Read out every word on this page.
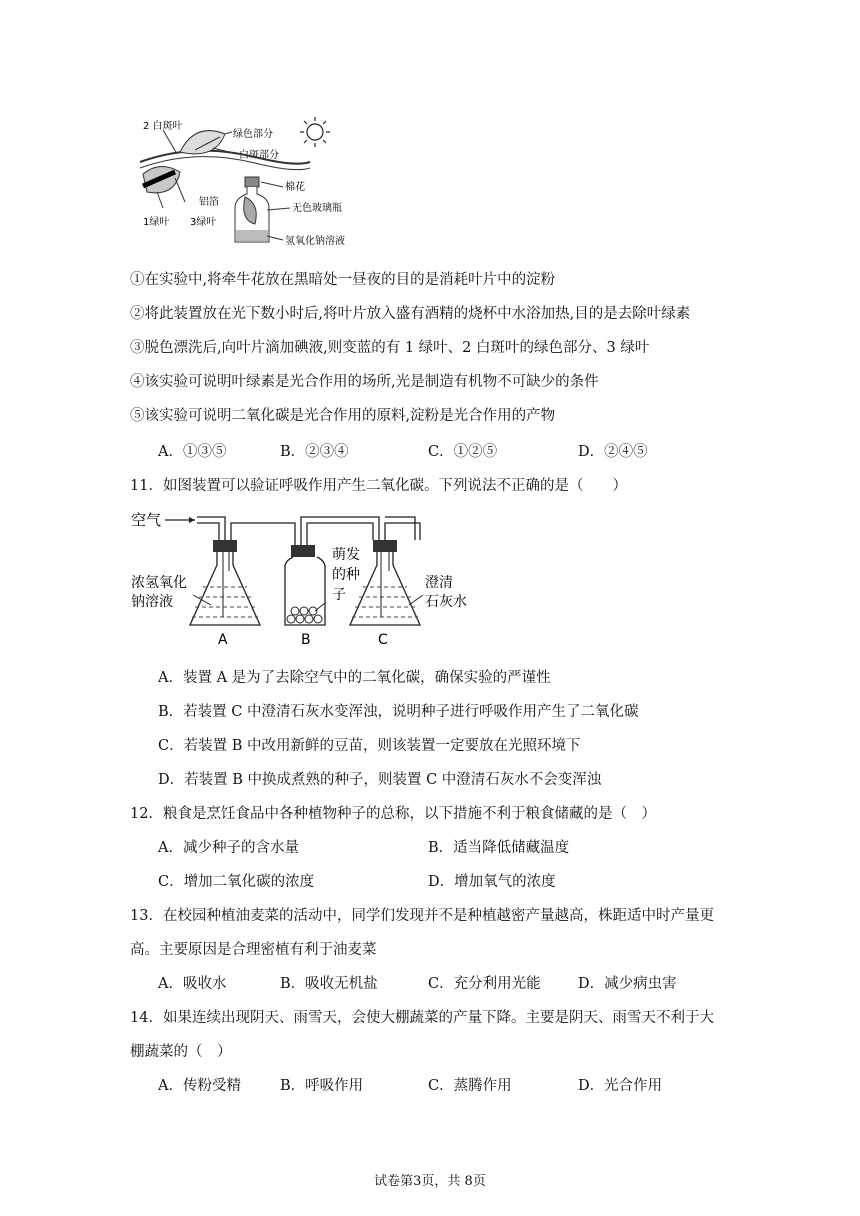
2 白斑叶
绿色部分
白斑部分
铝箔
1绿叶 3绿叶
棉花
无色玻璃瓶
氢氧化钠溶液
①在实验中,将牵牛花放在黑暗处一昼夜的目的是消耗叶片中的淀粉
②将此装置放在光下数小时后,将叶片放入盛有酒精的烧杯中水浴加热,目的是去除叶绿素
③脱色漂洗后,向叶片滴加碘液,则变蓝的有 1 绿叶、2 白斑叶的绿色部分、3 绿叶
④该实验可说明叶绿素是光合作用的场所,光是制造有机物不可缺少的条件
⑤该实验可说明二氧化碳是光合作用的原料,淀粉是光合作用的产物
A．①③⑤	B．②③④	C．①②⑤	D．②④⑤
11．如图装置可以验证呼吸作用产生二氧化碳。下列说法不正确的是（　　）
空气
浓氢氧化
钠溶液
A
萌发
的种
子
B
澄清
石灰水
C
A．装置 A 是为了去除空气中的二氧化碳，确保实验的严谨性
B．若装置 C 中澄清石灰水变浑浊，说明种子进行呼吸作用产生了二氧化碳
C．若装置 B 中改用新鲜的豆苗，则该装置一定要放在光照环境下
D．若装置 B 中换成煮熟的种子，则装置 C 中澄清石灰水不会变浑浊
12．粮食是烹饪食品中各种植物种子的总称，以下措施不利于粮食储藏的是（　）
A．减少种子的含水量	B．适当降低储藏温度
C．增加二氧化碳的浓度	D．增加氧气的浓度
13．在校园种植油麦菜的活动中，同学们发现并不是种植越密产量越高，株距适中时产量更
高。主要原因是合理密植有利于油麦菜
A．吸收水	B．吸收无机盐	C．充分利用光能	D．减少病虫害
14．如果连续出现阴天、雨雪天，会使大棚蔬菜的产量下降。主要是阴天、雨雪天不利于大
棚蔬菜的（　）
A．传粉受精	B．呼吸作用	C．蒸腾作用	D．光合作用
试卷第3页，共 8页
